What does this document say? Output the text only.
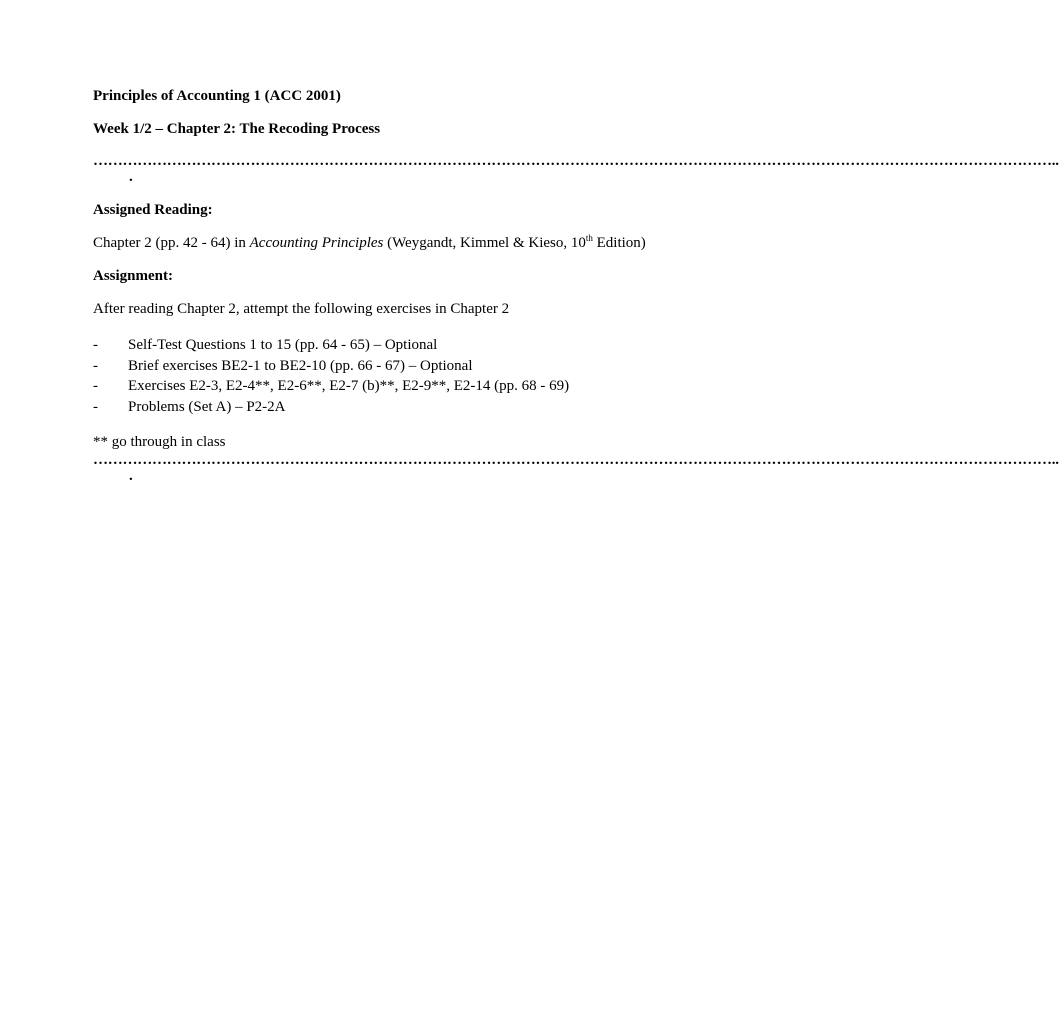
Principles of Accounting 1 (ACC 2001)

Week 1/2 – Chapter 2: The Recoding Process

……………………………………………………………………………………………………………………………………………………………………………..

.

Assigned Reading:

Chapter 2 (pp. 42 - 64) in Accounting Principles (Weygandt, Kimmel & Kieso, 10th Edition)

Assignment:

After reading Chapter 2, attempt the following exercises in Chapter 2

-	Self-Test Questions 1 to 15 (pp. 64 - 65) – Optional
-	Brief exercises BE2-1 to BE2-10 (pp. 66 - 67) – Optional
-	Exercises E2-3, E2-4**, E2-6**, E2-7 (b)**, E2-9**, E2-14 (pp. 68 - 69)
-	Problems (Set A) – P2-2A

** go through in class

……………………………………………………………………………………………………………………………………………………………………………..

.
